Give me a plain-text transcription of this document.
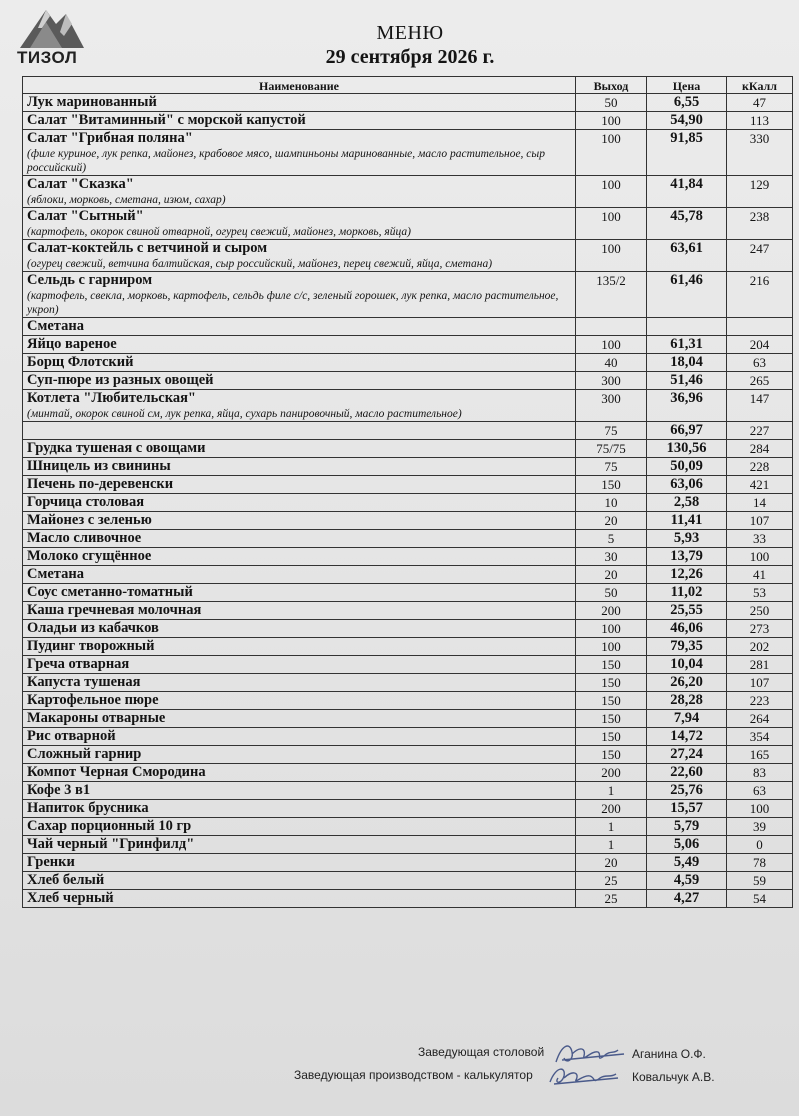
ТИЗОЛ
МЕНЮ
29 сентября 2026 г.
Наименование	Выход	Цена	кКалл

Лук маринованный	50	6,55	47

Салат "Витаминный" с морской капустой	100	54,90	113

Салат "Грибная поляна"
(филе куриное, лук репка, майонез, крабовое мясо, шампиньоны маринованные, масло растительное, сыр российский)	100	91,85	330

Салат "Сказка"
(яблоки, морковь, сметана, изюм, сахар)	100	41,84	129

Салат "Сытный"
(картофель, окорок свиной отварной, огурец свежий, майонез, морковь, яйца)	100	45,78	238

Салат-коктейль с ветчиной и сыром
(огурец свежий, ветчина балтийская, сыр российский, майонез, перец свежий, яйца, сметана)	100	63,61	247

Сельдь с гарниром
(картофель, свекла, морковь, картофель, сельдь филе с/с, зеленый горошек, лук репка, масло растительное, укроп)	135/2	61,46	216

Сметана			

Яйцо вареное	100	61,31	204

Борщ Флотский	40	18,04	63

Суп-пюре из разных овощей	300	51,46	265

Котлета "Любительская"
(минтай, окорок свиной см, лук репка, яйца, сухарь панировочный, масло растительное)	300	36,96	147

	75	66,97	227

Грудка тушеная с овощами	75/75	130,56	284

Шницель из свинины	75	50,09	228

Печень по-деревенски	150	63,06	421

Горчица столовая	10	2,58	14

Майонез с зеленью	20	11,41	107

Масло сливочное	5	5,93	33

Молоко сгущённое	30	13,79	100

Сметана	20	12,26	41

Соус сметанно-томатный	50	11,02	53

Каша гречневая молочная	200	25,55	250

Оладьи из кабачков	100	46,06	273

Пудинг творожный	100	79,35	202

Греча отварная	150	10,04	281

Капуста тушеная	150	26,20	107

Картофельное пюре	150	28,28	223

Макароны отварные	150	7,94	264

Рис отварной	150	14,72	354

Сложный гарнир	150	27,24	165

Компот Черная Смородина	200	22,60	83

Кофе 3 в1	1	25,76	63

Напиток брусника	200	15,57	100

Сахар порционный 10 гр	1	5,79	39

Чай черный "Гринфилд"	1	5,06	0

Гренки	20	5,49	78

Хлеб белый	25	4,59	59

Хлеб черный	25	4,27	54
Заведующая столовой	Аганина О.Ф.
Заведующая производством - калькулятор	Ковальчук А.В.
